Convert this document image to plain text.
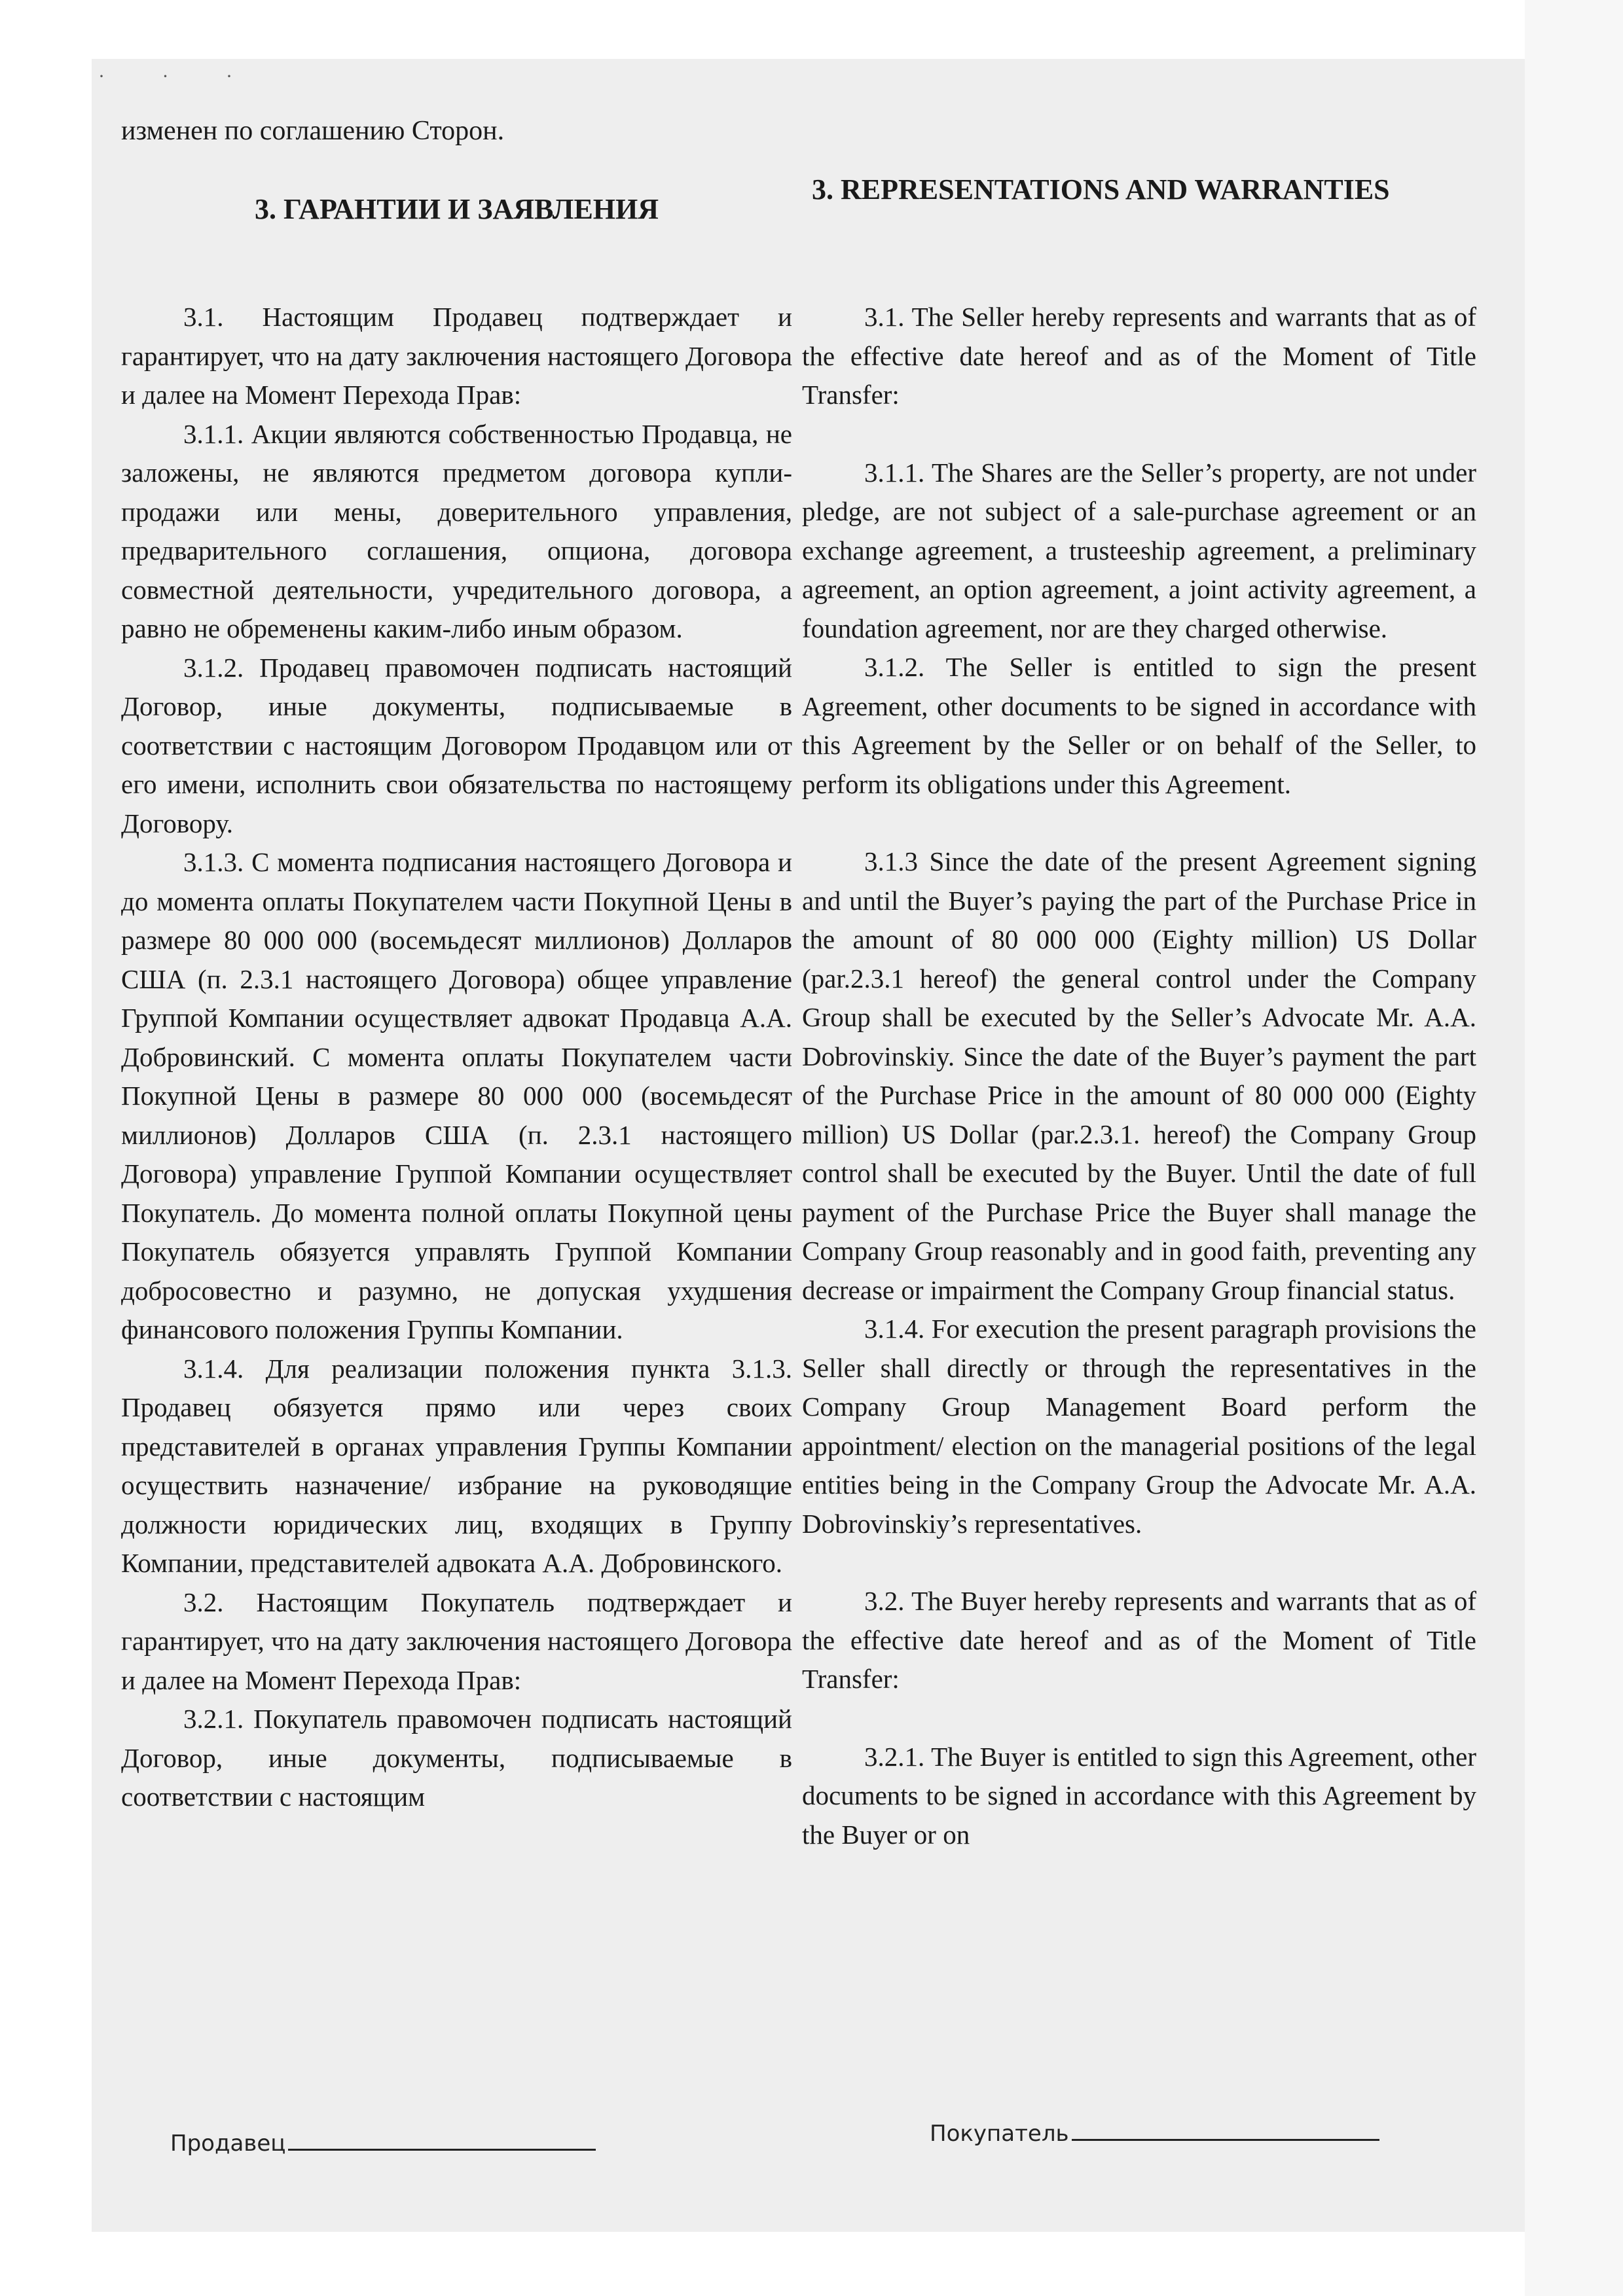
· · ·
изменен по соглашению Сторон.
3. ГАРАНТИИ И ЗАЯВЛЕНИЯ

3.1. Настоящим Продавец подтверждает и гарантирует, что на дату заключения настоящего Договора и далее на Момент Перехода Прав:

3.1.1. Акции являются собственностью Продавца, не заложены, не являются предметом договора купли-продажи или мены, доверительного управления, предварительного соглашения, опциона, договора совместной деятельности, учредительного договора, а равно не обременены каким-либо иным образом.

3.1.2. Продавец правомочен подписать настоящий Договор, иные документы, подписываемые в соответствии с настоящим Договором Продавцом или от его имени, исполнить свои обязательства по настоящему Договору.

3.1.3. С момента подписания настоящего Договора и до момента оплаты Покупателем части Покупной Цены в размере 80 000 000 (восемьдесят миллионов) Долларов США (п. 2.3.1 настоящего Договора) общее управление Группой Компании осуществляет адвокат Продавца А.А. Добровинский. С момента оплаты Покупателем части Покупной Цены в размере 80 000 000 (восемьдесят миллионов) Долларов США (п. 2.3.1 настоящего Договора) управление Группой Компании осуществляет Покупатель. До момента полной оплаты Покупной цены Покупатель обязуется управлять Группой Компании добросовестно и разумно, не допуская ухудшения финансового положения Группы Компании.

3.1.4. Для реализации положения пункта 3.1.3. Продавец обязуется прямо или через своих представителей в органах управления Группы Компании осуществить назначение/ избрание на руководящие должности юридических лиц, входящих в Группу Компании, представителей адвоката А.А. Добровинского.

3.2. Настоящим Покупатель подтверждает и гарантирует, что на дату заключения настоящего Договора и далее на Момент Перехода Прав:

3.2.1. Покупатель правомочен подписать настоящий Договор, иные документы, подписываемые в соответствии с настоящим

3. REPRESENTATIONS AND WARRANTIES

3.1. The Seller hereby represents and warrants that as of the effective date hereof and as of the Moment of Title Transfer:

3.1.1. The Shares are the Seller’s property, are not under pledge, are not subject of a sale-purchase agreement or an exchange agreement, a trusteeship agreement, a preliminary agreement, an option agreement, a joint activity agreement, a foundation agreement, nor are they charged otherwise.

3.1.2. The Seller is entitled to sign the present Agreement, other documents to be signed in accordance with this Agreement by the Seller or on behalf of the Seller, to perform its obligations under this Agreement.

3.1.3 Since the date of the present Agreement signing and until the Buyer’s paying the part of the Purchase Price in the amount of 80 000 000 (Eighty million) US Dollar (par.2.3.1 hereof) the general control under the Company Group shall be executed by the Seller’s Advocate Mr. A.A. Dobrovinskiy. Since the date of the Buyer’s payment the part of the Purchase Price in the amount of 80 000 000 (Eighty million) US Dollar (par.2.3.1. hereof) the Company Group control shall be executed by the Buyer. Until the date of full payment of the Purchase Price the Buyer shall manage the Company Group reasonably and in good faith, preventing any decrease or impairment the Company Group financial status.

3.1.4. For execution the present paragraph provisions the Seller shall directly or through the representatives in the Company Group Management Board perform the appointment/ election on the managerial positions of the legal entities being in the Company Group the Advocate Mr. A.A. Dobrovinskiy’s representatives.

3.2. The Buyer hereby represents and warrants that as of the effective date hereof and as of the Moment of Title Transfer:

3.2.1. The Buyer is entitled to sign this Agreement, other documents to be signed in accordance with this Agreement by the Buyer or on

Продавец	Покупатель
